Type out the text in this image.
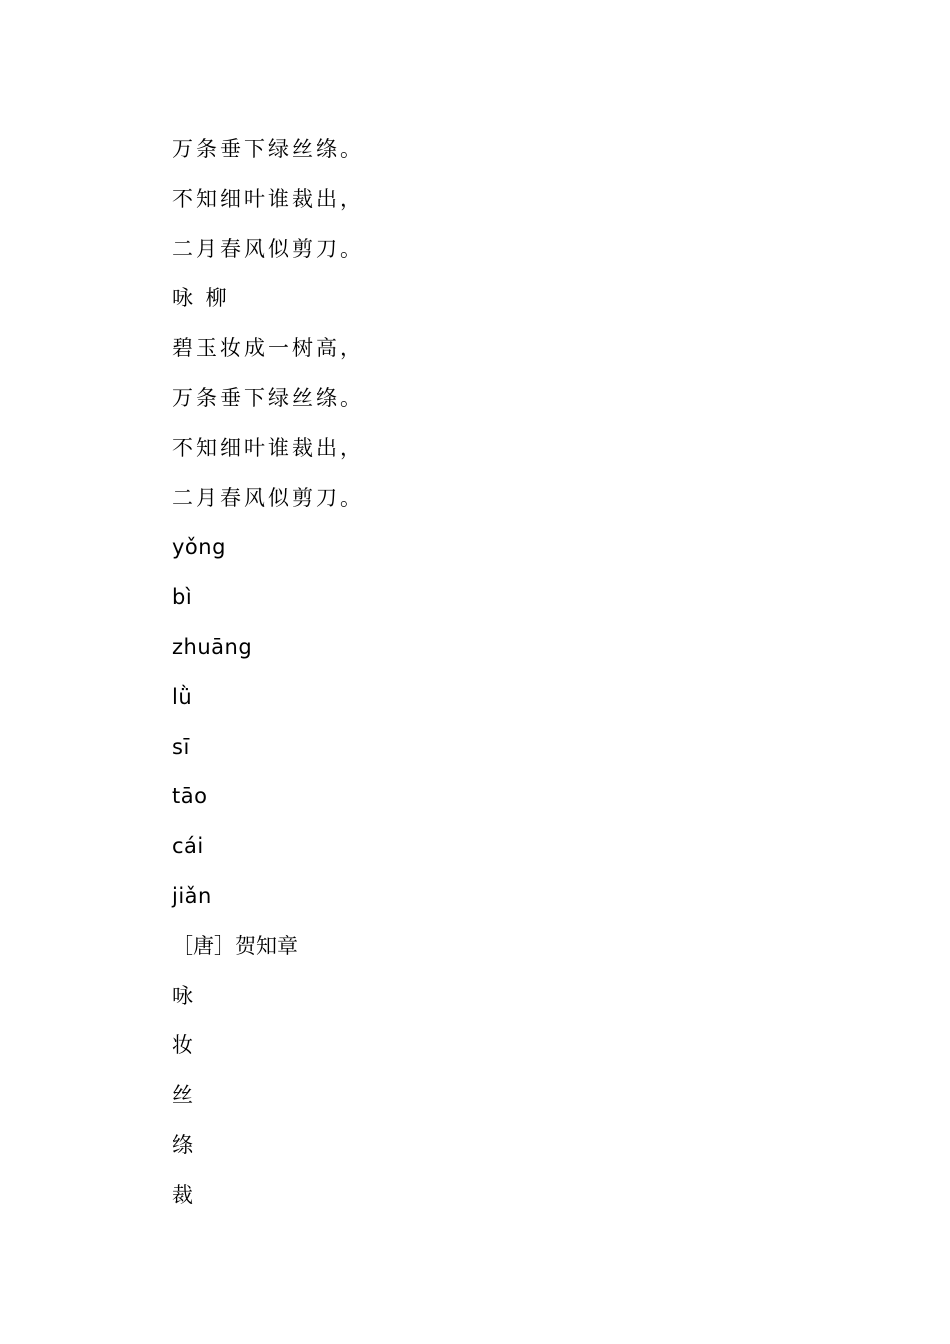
万条垂下绿丝绦。
不知细叶谁裁出，
二月春风似剪刀。
咏 柳
碧玉妆成一树高，
万条垂下绿丝绦。
不知细叶谁裁出，
二月春风似剪刀。
yǒng
bì
zhuāng
lǜ
sī
tāo
cái
jiǎn
［唐］贺知章
咏
妆
丝
绦
裁
